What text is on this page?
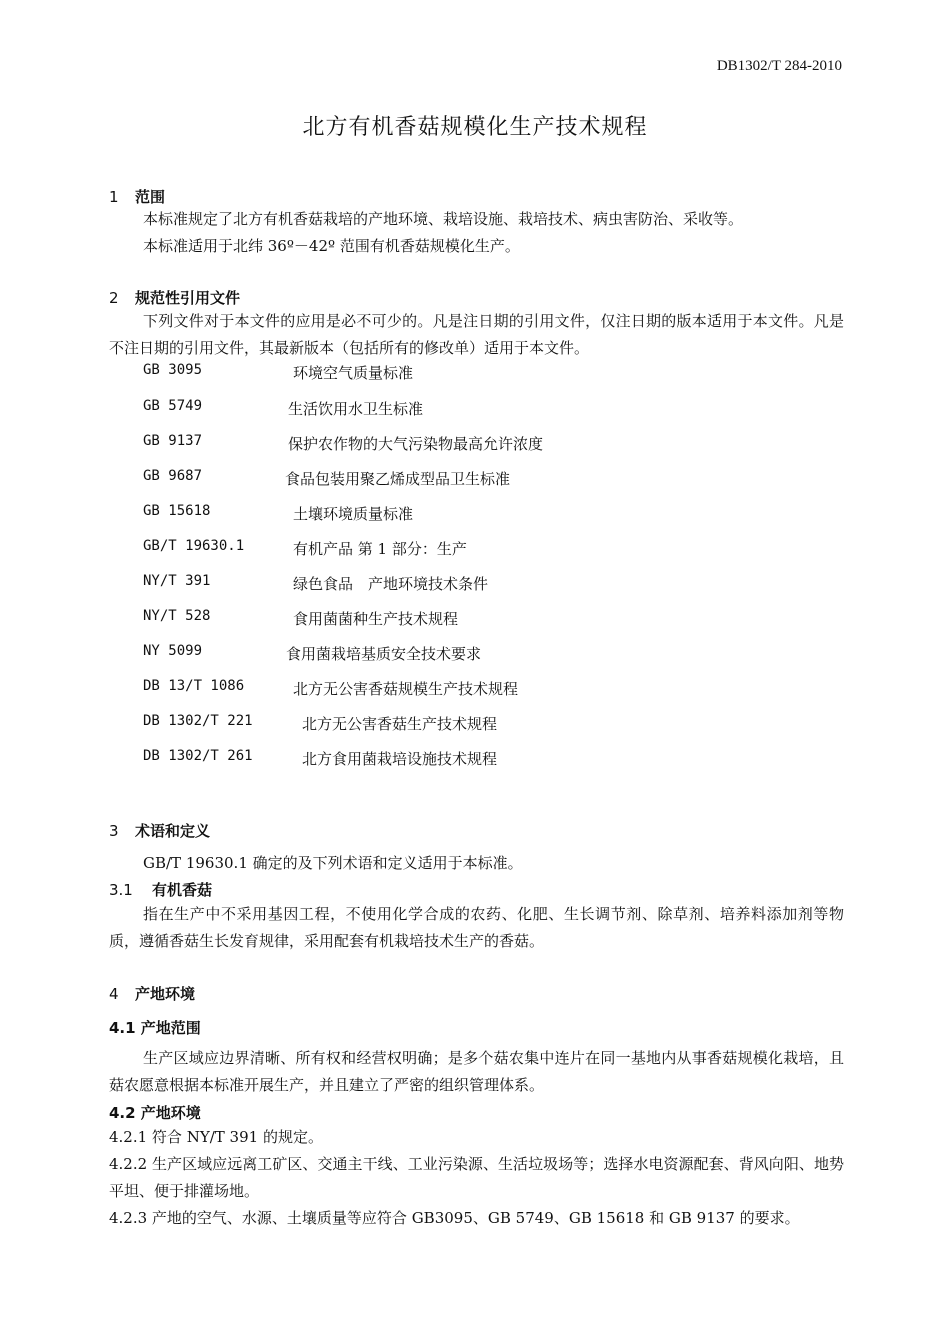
DB1302/T 284-2010
北方有机香菇规模化生产技术规程
1 范围
本标准规定了北方有机香菇栽培的产地环境、栽培设施、栽培技术、病虫害防治、采收等。
本标准适用于北纬 36º－42º 范围有机香菇规模化生产。
2 规范性引用文件
下列文件对于本文件的应用是必不可少的。凡是注日期的引用文件，仅注日期的版本适用于本文件。凡是不注日期的引用文件，其最新版本（包括所有的修改单）适用于本文件。
GB 3095	环境空气质量标准
GB 5749	生活饮用水卫生标准
GB 9137	保护农作物的大气污染物最高允许浓度
GB 9687	食品包装用聚乙烯成型品卫生标准
GB 15618	土壤环境质量标准
GB/T 19630.1	有机产品 第 1 部分：生产
NY/T 391	绿色食品　产地环境技术条件
NY/T 528	食用菌菌种生产技术规程
NY 5099	食用菌栽培基质安全技术要求
DB 13/T 1086	北方无公害香菇规模生产技术规程
DB 1302/T 221	北方无公害香菇生产技术规程
DB 1302/T 261	北方食用菌栽培设施技术规程
3 术语和定义
GB/T 19630.1 确定的及下列术语和定义适用于本标准。
3.1 有机香菇
指在生产中不采用基因工程，不使用化学合成的农药、化肥、生长调节剂、除草剂、培养料添加剂等物质，遵循香菇生长发育规律，采用配套有机栽培技术生产的香菇。
4 产地环境
4.1 产地范围
生产区域应边界清晰、所有权和经营权明确；是多个菇农集中连片在同一基地内从事香菇规模化栽培，且菇农愿意根据本标准开展生产，并且建立了严密的组织管理体系。
4.2 产地环境
4.2.1 符合 NY/T 391 的规定。
4.2.2 生产区域应远离工矿区、交通主干线、工业污染源、生活垃圾场等；选择水电资源配套、背风向阳、地势平坦、便于排灌场地。
4.2.3 产地的空气、水源、土壤质量等应符合 GB3095、GB 5749、GB 15618 和 GB 9137 的要求。
